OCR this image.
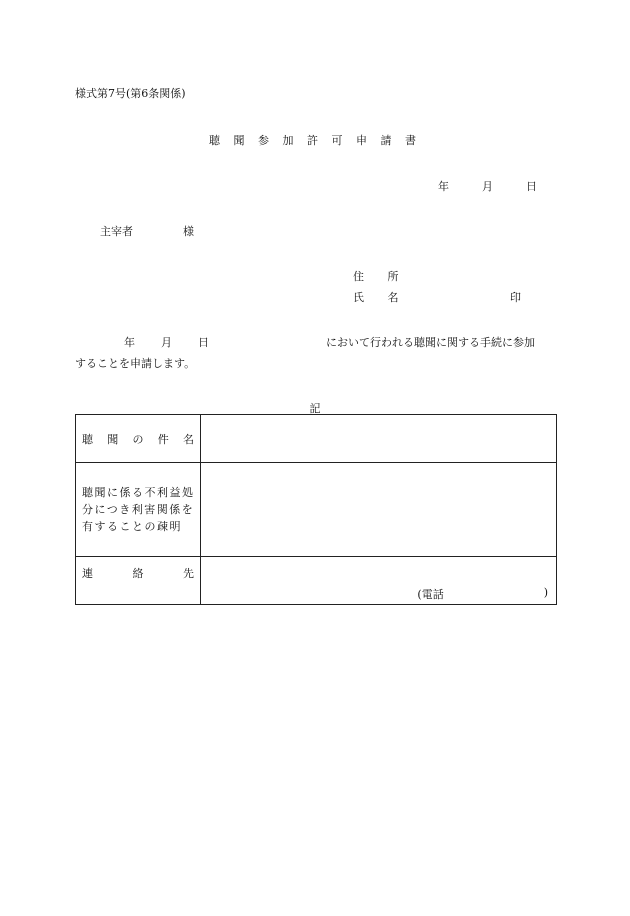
様式第7号(第6条関係)
聴 聞 参 加 許 可 申 請 書
年	月	日
主宰者	様
住 所
氏 名	印
年 月 日	において行われる聴聞に関する手続に参加
することを申請します。
記
聴 聞 の 件 名	

聴聞に係る不利益処
分につき利害関係を
有することの疎明	

連 絡 先	(電話 )
